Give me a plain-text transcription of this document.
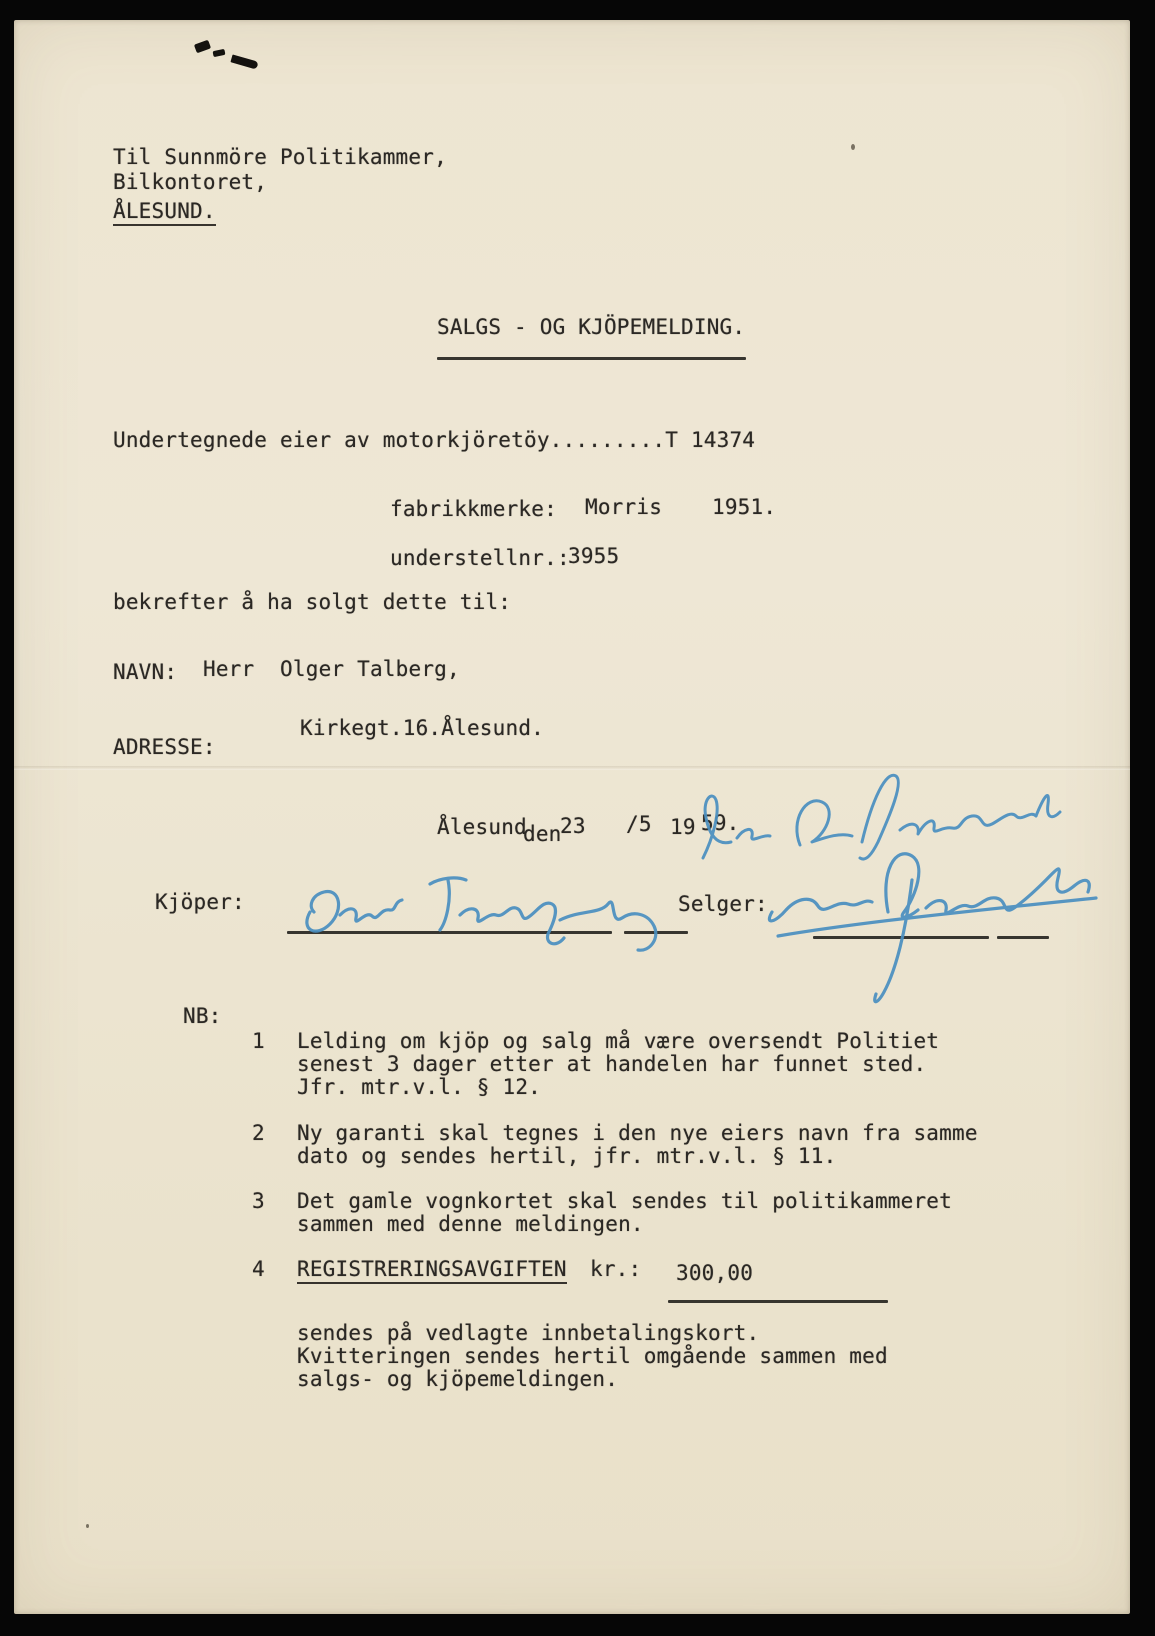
Til Sunnmöre Politikammer,
Bilkontoret,
ÅLESUND.
SALGS - OG KJÖPEMELDING.
Undertegnede eier av motorkjöretöy.........T 14374
fabrikkmerke: Morris 1951.
understellnr.:
3955
bekrefter å ha solgt dette til:
NAVN: Herr  Olger Talberg,
ADRESSE:
Kirkegt.16.Ålesund.
Ålesund
den
23 /5 19 59.
Kjöper:	Selger:
NB:
1 Lelding om kjöp og salg må være oversendt Politiet
senest 3 dager etter at handelen har funnet sted.
Jfr. mtr.v.l. § 12.
2 Ny garanti skal tegnes i den nye eiers navn fra samme
dato og sendes hertil, jfr. mtr.v.l. § 11.
3 Det gamle vognkortet skal sendes til politikammeret
sammen med denne meldingen.
4 REGISTRERINGSAVGIFTEN kr.: 300,00
sendes på vedlagte innbetalingskort.
Kvitteringen sendes hertil omgående sammen med
salgs- og kjöpemeldingen.
